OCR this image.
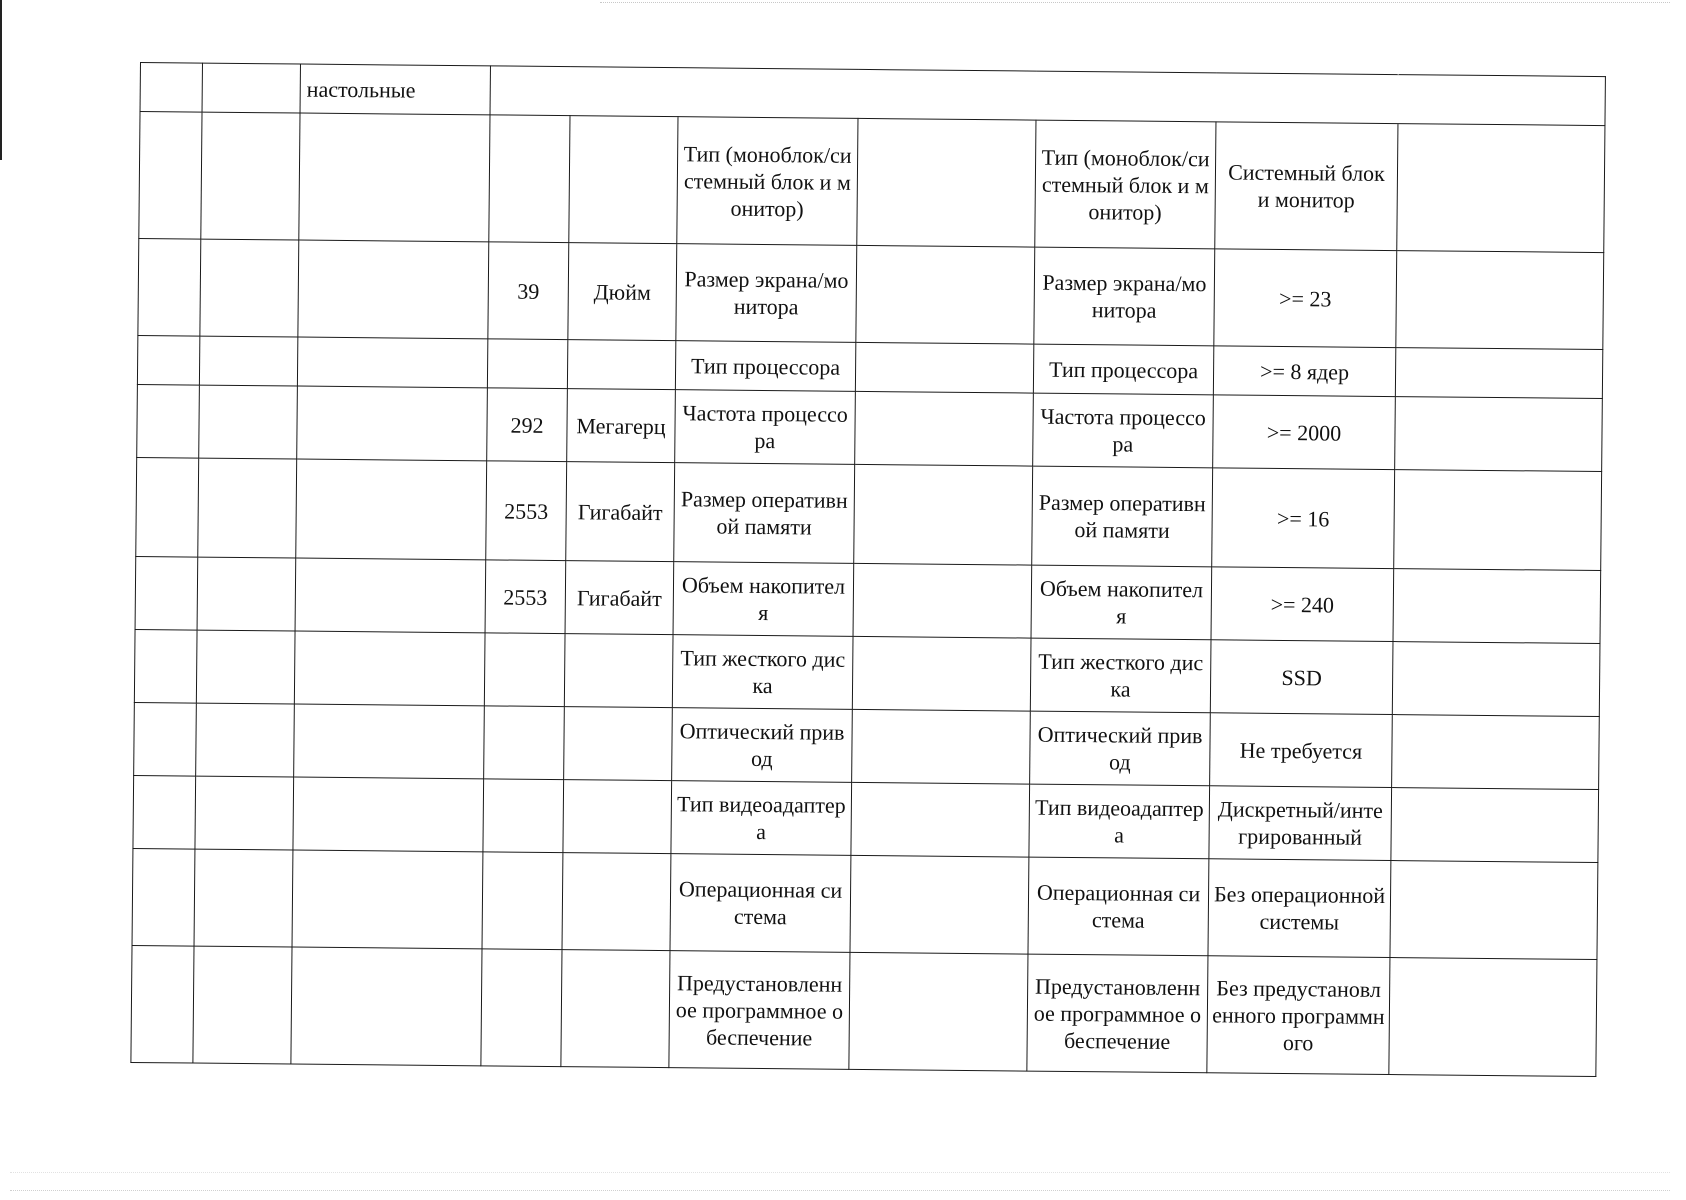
		настольные							
					Тип (моноблок/системный блок и монитор)		Тип (моноблок/системный блок и монитор)	Системный блок и монитор	
			39	Дюйм	Размер экрана/монитора		Размер экрана/монитора	>= 23	
					Тип процессора		Тип процессора	>= 8 ядер	
			292	Мегагерц	Частота процессора		Частота процессора	>= 2000	
			2553	Гигабайт	Размер оперативной памяти		Размер оперативной памяти	>= 16	
			2553	Гигабайт	Объем накопителя		Объем накопителя	>= 240	
					Тип жесткого диска		Тип жесткого диска	SSD	
					Оптический привод		Оптический привод	Не требуется	
					Тип видеоадаптера		Тип видеоадаптера	Дискретный/интегрированный	
					Операционная система		Операционная система	Без операционной системы	
					Предустановленное программное обеспечение		Предустановленное программное обеспечение	Без предустановленного программного	
